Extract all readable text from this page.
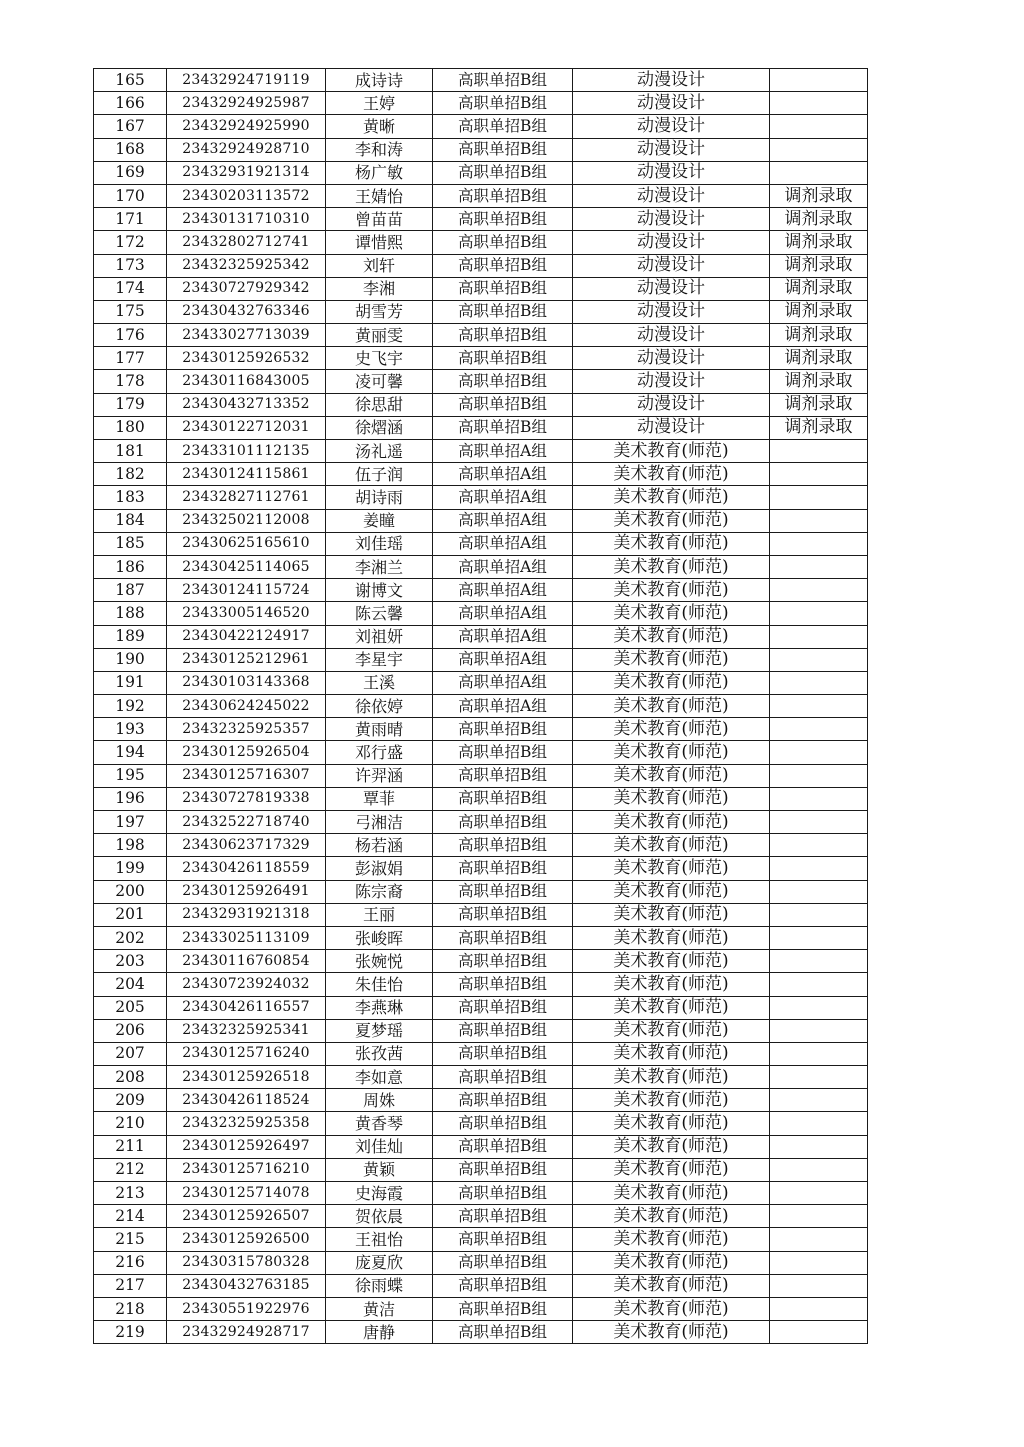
165	23432924719119	成诗诗	高职单招B组	动漫设计	
166	23432924925987	王婷	高职单招B组	动漫设计	
167	23432924925990	黄晰	高职单招B组	动漫设计	
168	23432924928710	李和涛	高职单招B组	动漫设计	
169	23432931921314	杨广敏	高职单招B组	动漫设计	
170	23430203113572	王婧怡	高职单招B组	动漫设计	调剂录取
171	23430131710310	曾苗苗	高职单招B组	动漫设计	调剂录取
172	23432802712741	谭惜熙	高职单招B组	动漫设计	调剂录取
173	23432325925342	刘轩	高职单招B组	动漫设计	调剂录取
174	23430727929342	李湘	高职单招B组	动漫设计	调剂录取
175	23430432763346	胡雪芳	高职单招B组	动漫设计	调剂录取
176	23433027713039	黄丽雯	高职单招B组	动漫设计	调剂录取
177	23430125926532	史飞宇	高职单招B组	动漫设计	调剂录取
178	23430116843005	凌可馨	高职单招B组	动漫设计	调剂录取
179	23430432713352	徐思甜	高职单招B组	动漫设计	调剂录取
180	23430122712031	徐熠涵	高职单招B组	动漫设计	调剂录取
181	23433101112135	汤礼遥	高职单招A组	美术教育(师范)	
182	23430124115861	伍子润	高职单招A组	美术教育(师范)	
183	23432827112761	胡诗雨	高职单招A组	美术教育(师范)	
184	23432502112008	姜瞳	高职单招A组	美术教育(师范)	
185	23430625165610	刘佳瑶	高职单招A组	美术教育(师范)	
186	23430425114065	李湘兰	高职单招A组	美术教育(师范)	
187	23430124115724	谢博文	高职单招A组	美术教育(师范)	
188	23433005146520	陈云馨	高职单招A组	美术教育(师范)	
189	23430422124917	刘祖妍	高职单招A组	美术教育(师范)	
190	23430125212961	李星宇	高职单招A组	美术教育(师范)	
191	23430103143368	王溪	高职单招A组	美术教育(师范)	
192	23430624245022	徐依婷	高职单招A组	美术教育(师范)	
193	23432325925357	黄雨晴	高职单招B组	美术教育(师范)	
194	23430125926504	邓行盛	高职单招B组	美术教育(师范)	
195	23430125716307	许羿涵	高职单招B组	美术教育(师范)	
196	23430727819338	覃菲	高职单招B组	美术教育(师范)	
197	23432522718740	弓湘洁	高职单招B组	美术教育(师范)	
198	23430623717329	杨若涵	高职单招B组	美术教育(师范)	
199	23430426118559	彭淑娟	高职单招B组	美术教育(师范)	
200	23430125926491	陈宗裔	高职单招B组	美术教育(师范)	
201	23432931921318	王丽	高职单招B组	美术教育(师范)	
202	23433025113109	张峻晖	高职单招B组	美术教育(师范)	
203	23430116760854	张婉悦	高职单招B组	美术教育(师范)	
204	23430723924032	朱佳怡	高职单招B组	美术教育(师范)	
205	23430426116557	李燕琳	高职单招B组	美术教育(师范)	
206	23432325925341	夏梦瑶	高职单招B组	美术教育(师范)	
207	23430125716240	张孜茜	高职单招B组	美术教育(师范)	
208	23430125926518	李如意	高职单招B组	美术教育(师范)	
209	23430426118524	周姝	高职单招B组	美术教育(师范)	
210	23432325925358	黄香琴	高职单招B组	美术教育(师范)	
211	23430125926497	刘佳灿	高职单招B组	美术教育(师范)	
212	23430125716210	黄颖	高职单招B组	美术教育(师范)	
213	23430125714078	史海霞	高职单招B组	美术教育(师范)	
214	23430125926507	贺依晨	高职单招B组	美术教育(师范)	
215	23430125926500	王祖怡	高职单招B组	美术教育(师范)	
216	23430315780328	庞夏欣	高职单招B组	美术教育(师范)	
217	23430432763185	徐雨蝶	高职单招B组	美术教育(师范)	
218	23430551922976	黄洁	高职单招B组	美术教育(师范)	
219	23432924928717	唐静	高职单招B组	美术教育(师范)	
